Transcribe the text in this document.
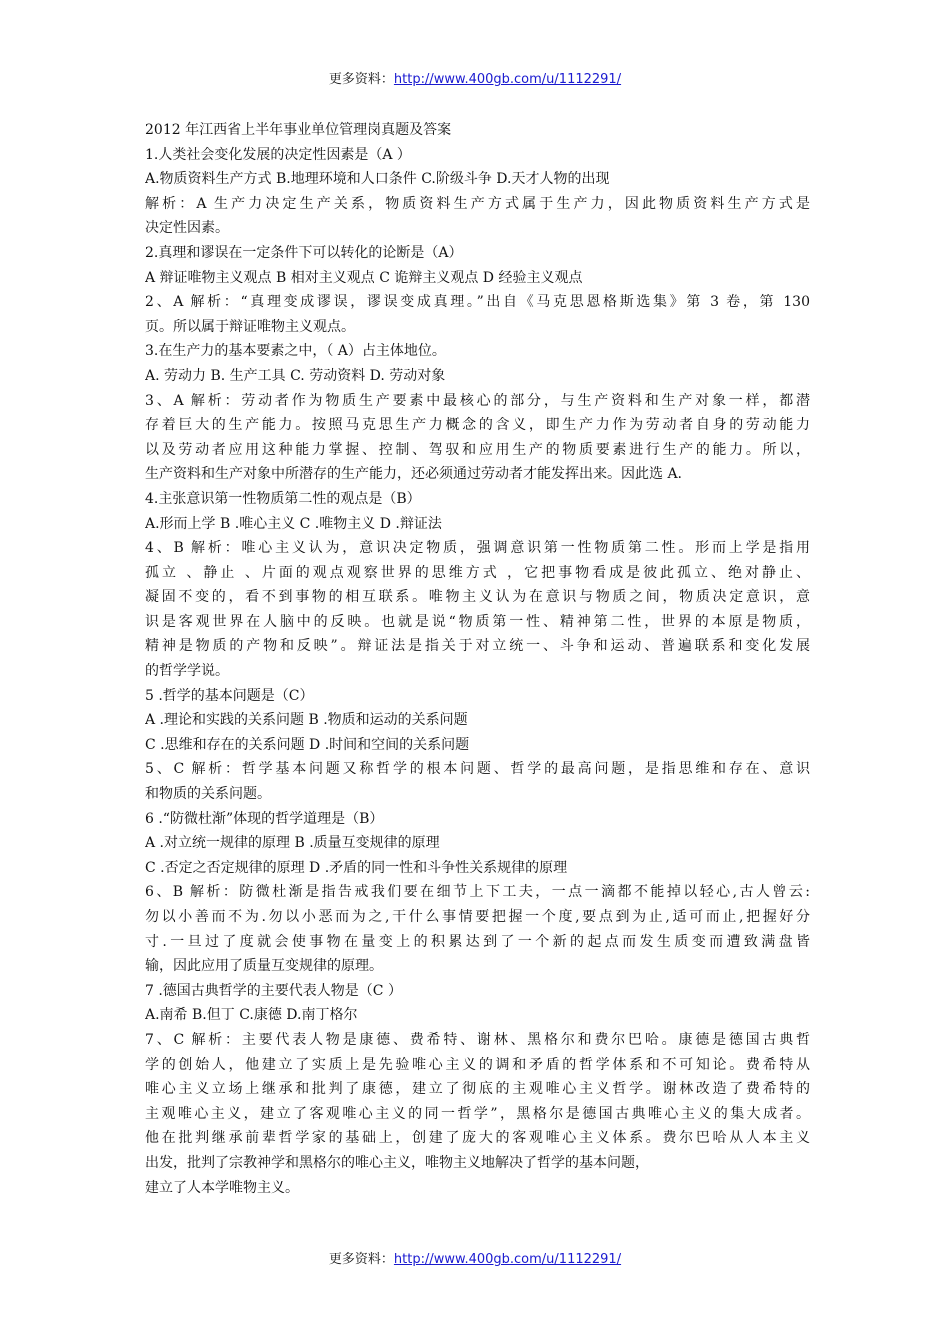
更多资料：http://www.400gb.com/u/1112291/
2012 年江西省上半年事业单位管理岗真题及答案
1.人类社会变化发展的决定性因素是（A ）
A.物质资料生产方式 B.地理环境和人口条件 C.阶级斗争 D.天才人物的出现
解析：A 生产力决定生产关系，物质资料生产方式属于生产力，因此物质资料生产方式是
决定性因素。
2.真理和谬误在一定条件下可以转化的论断是（A）
A 辩证唯物主义观点 B 相对主义观点 C 诡辩主义观点 D 经验主义观点
2、A 解析：“真理变成谬误，谬误变成真理。”出自《马克思恩格斯选集》第 3 卷，第 130
页。所以属于辩证唯物主义观点。
3.在生产力的基本要素之中，（ A）占主体地位。
A. 劳动力 B. 生产工具 C. 劳动资料 D. 劳动对象
3、A 解析：劳动者作为物质生产要素中最核心的部分，与生产资料和生产对象一样，都潜
存着巨大的生产能力。按照马克思生产力概念的含义，即生产力作为劳动者自身的劳动能力
以及劳动者应用这种能力掌握、控制、驾驭和应用生产的物质要素进行生产的能力。所以，
生产资料和生产对象中所潜存的生产能力，还必须通过劳动者才能发挥出来。因此选 A.
4.主张意识第一性物质第二性的观点是（B）
A.形而上学 B .唯心主义 C .唯物主义 D .辩证法
4、B 解析：唯心主义认为，意识决定物质，强调意识第一性物质第二性。形而上学是指用
孤立 、静止 、片面的观点观察世界的思维方式 ，它把事物看成是彼此孤立、绝对静止、
凝固不变的，看不到事物的相互联系。唯物主义认为在意识与物质之间，物质决定意识，意
识是客观世界在人脑中的反映。也就是说“物质第一性、精神第二性，世界的本原是物质，
精神是物质的产物和反映”。辩证法是指关于对立统一、斗争和运动、普遍联系和变化发展
的哲学学说。
5 .哲学的基本问题是（C）
A .理论和实践的关系问题 B .物质和运动的关系问题
C .思维和存在的关系问题 D .时间和空间的关系问题
5、C 解析：哲学基本问题又称哲学的根本问题、哲学的最高问题，是指思维和存在、意识
和物质的关系问题。
6 .“防微杜渐”体现的哲学道理是（B）
A .对立统一规律的原理 B .质量互变规律的原理
C .否定之否定规律的原理 D .矛盾的同一性和斗争性关系规律的原理
6、B 解析：防微杜渐是指告戒我们要在细节上下工夫，一点一滴都不能掉以轻心,古人曾云:
勿以小善而不为.勿以小恶而为之,干什么事情要把握一个度,要点到为止,适可而止,把握好分
寸.一旦过了度就会使事物在量变上的积累达到了一个新的起点而发生质变而遭致满盘皆
输，因此应用了质量互变规律的原理。
7 .德国古典哲学的主要代表人物是（C ）
A.南希 B.但丁 C.康德 D.南丁格尔
7、C 解析：主要代表人物是康德、费希特、谢林、黑格尔和费尔巴哈。康德是德国古典哲
学的创始人，他建立了实质上是先验唯心主义的调和矛盾的哲学体系和不可知论。费希特从
唯心主义立场上继承和批判了康德，建立了彻底的主观唯心主义哲学。谢林改造了费希特的
主观唯心主义，建立了客观唯心主义的同一哲学”，黑格尔是德国古典唯心主义的集大成者。
他在批判继承前辈哲学家的基础上，创建了庞大的客观唯心主义体系。费尔巴哈从人本主义
出发，批判了宗教神学和黑格尔的唯心主义，唯物主义地解决了哲学的基本问题，
建立了人本学唯物主义。
更多资料：http://www.400gb.com/u/1112291/
